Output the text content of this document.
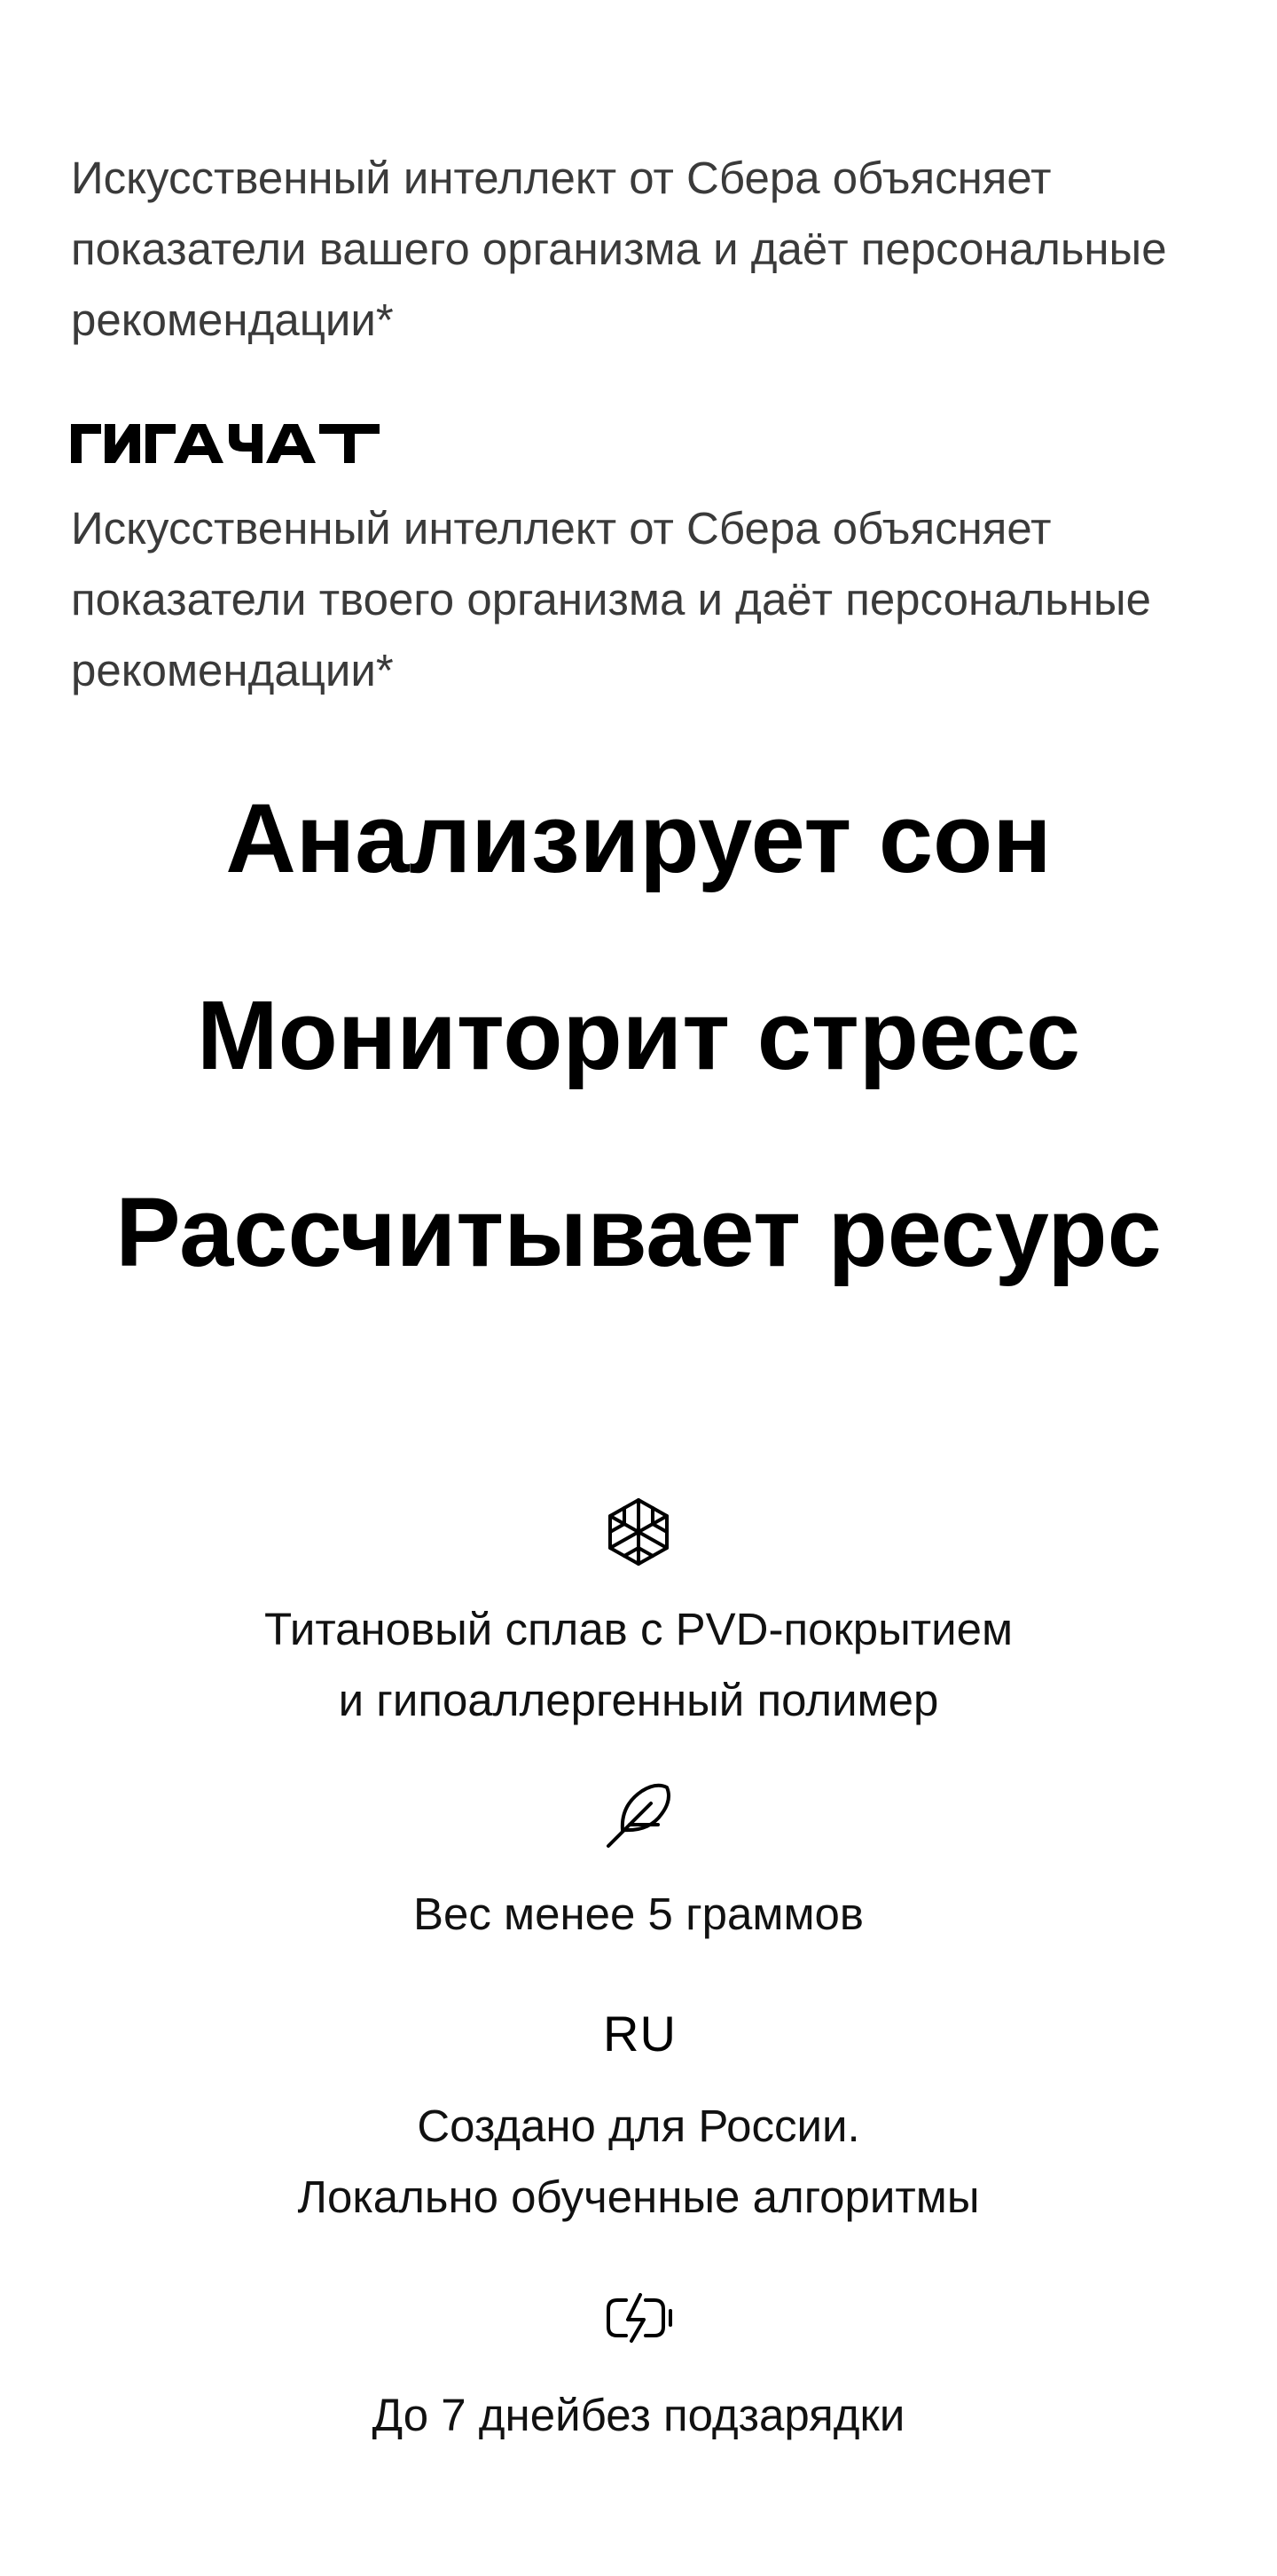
Искусственный интеллект от Сбера объясняет показатели вашего организма и даёт персональные рекомендации*

Искусственный интеллект от Сбера объясняет показатели твоего организма и даёт персональные рекомендации*

Анализирует сон
Мониторит стресс
Рассчитывает ресурс

Титановый сплав с PVD-покрытием
и гипоаллергенный полимер

Вес менее 5 граммов

RU

Создано для России.
Локально обученные алгоритмы

До 7 днейбез подзарядки
